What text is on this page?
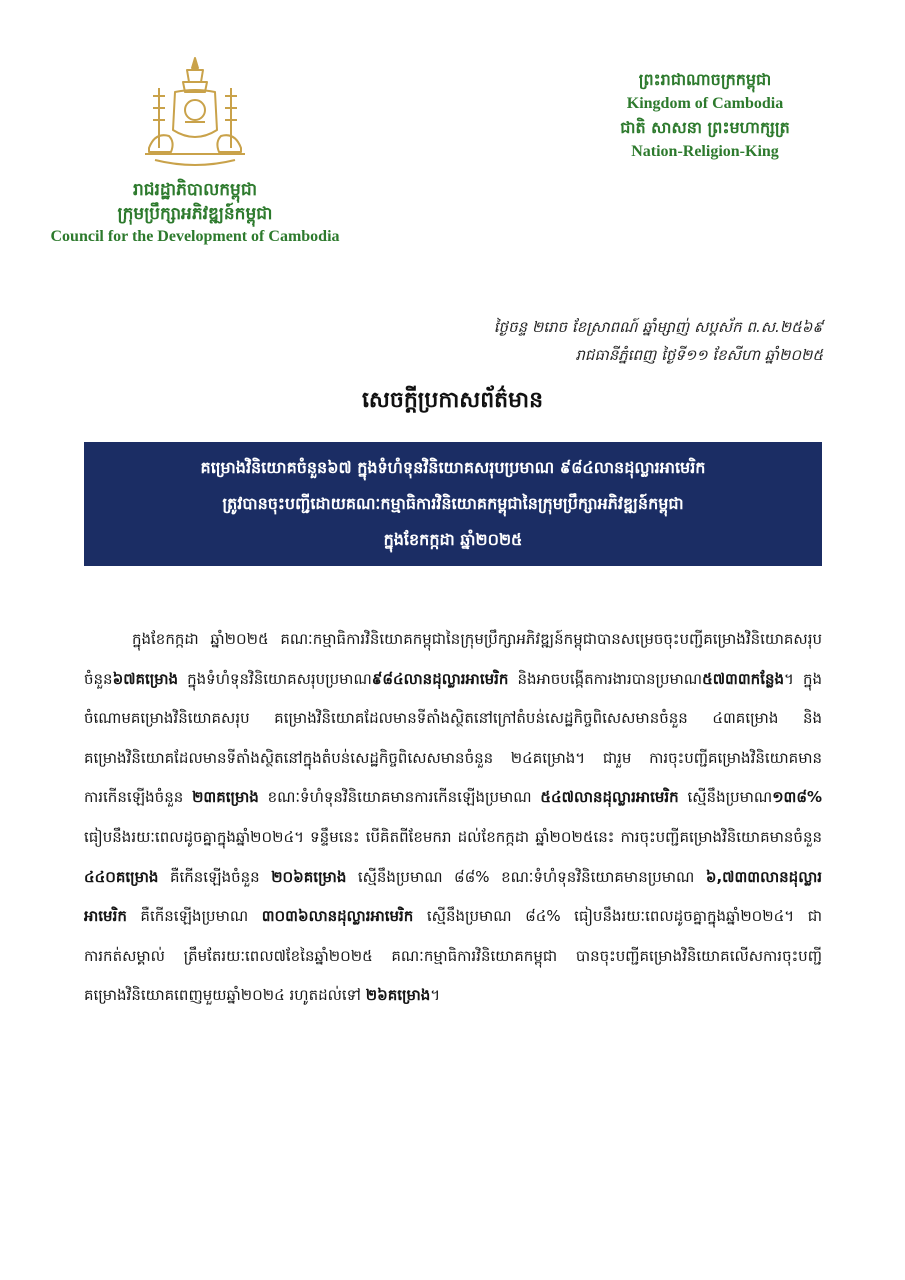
រាជរដ្ឋាភិបាលកម្ពុជា
ក្រុមប្រឹក្សាអភិវឌ្ឍន៍កម្ពុជា
Council for the Development of Cambodia
ព្រះរាជាណាចក្រកម្ពុជា
Kingdom of Cambodia
ជាតិ សាសនា ព្រះមហាក្សត្រ
Nation-Religion-King
ថ្ងៃចន្ទ ២រោច ខែស្រាពណ៍ ឆ្នាំម្សាញ់ សប្តស័ក ព.ស.២៥៦៩
រាជធានីភ្នំពេញ ថ្ងៃទី១១ ខែសីហា ឆ្នាំ២០២៥
សេចក្តីប្រកាសព័ត៌មាន
គម្រោងវិនិយោគចំនួន៦៧ ក្នុងទំហំទុនវិនិយោគសរុបប្រមាណ ៩៨៤លានដុល្លារអាមេរិក
ត្រូវបានចុះបញ្ជីដោយគណៈកម្មាធិការវិនិយោគកម្ពុជានៃក្រុមប្រឹក្សាអភិវឌ្ឍន៍កម្ពុជា
ក្នុងខែកក្កដា ឆ្នាំ២០២៥

ក្នុងខែកក្កដា ឆ្នាំ២០២៥ គណៈកម្មាធិការវិនិយោគកម្ពុជានៃក្រុមប្រឹក្សាអភិវឌ្ឍន៍កម្ពុជាបានសម្រេចចុះបញ្ជីគម្រោងវិនិយោគសរុបចំនួន៦៧គម្រោង ក្នុងទំហំទុនវិនិយោគសរុបប្រមាណ៩៨៤លានដុល្លារអាមេរិក និងអាចបង្កើតការងារបានប្រមាណ៥៧៣៣កន្លែង។ ក្នុងចំណោមគម្រោងវិនិយោគសរុប គម្រោងវិនិយោគដែលមានទីតាំងស្ថិតនៅក្រៅតំបន់សេដ្ឋកិច្ចពិសេសមានចំនួន ៤៣គម្រោង និងគម្រោងវិនិយោគដែលមានទីតាំងស្ថិតនៅក្នុងតំបន់សេដ្ឋកិច្ចពិសេសមានចំនួន ២៤គម្រោង។ ជារួម ការចុះបញ្ជីគម្រោងវិនិយោគមានការកើនឡើងចំនួន ២៣គម្រោង ខណៈទំហំទុនវិនិយោគមានការកើនឡើងប្រមាណ ៥៤៧លានដុល្លារអាមេរិក ស្មើនឹងប្រមាណ១៣៨% ធៀបនឹងរយៈពេលដូចគ្នាក្នុងឆ្នាំ២០២៤។ ទន្ទឹមនេះ បើគិតពីខែមករា ដល់ខែកក្កដា ឆ្នាំ២០២៥នេះ ការចុះបញ្ជីគម្រោងវិនិយោគមានចំនួន ៤៤០គម្រោង គឺកើនឡើងចំនួន ២០៦គម្រោង ស្មើនឹងប្រមាណ ៨៨% ខណៈទំហំទុនវិនិយោគមានប្រមាណ ៦,៧៣៣លានដុល្លារអាមេរិក គឺកើនឡើងប្រមាណ ៣០៣៦លានដុល្លារអាមេរិក ស្មើនឹងប្រមាណ ៨៤% ធៀបនឹងរយៈពេលដូចគ្នាក្នុងឆ្នាំ២០២៤។ ជាការកត់សម្គាល់ ត្រឹមតែរយៈពេល៧ខែនៃឆ្នាំ២០២៥ គណៈកម្មាធិការវិនិយោគកម្ពុជា បានចុះបញ្ជីគម្រោងវិនិយោគលើសការចុះបញ្ជីគម្រោងវិនិយោគពេញមួយឆ្នាំ២០២៤ រហូតដល់ទៅ ២៦គម្រោង។
